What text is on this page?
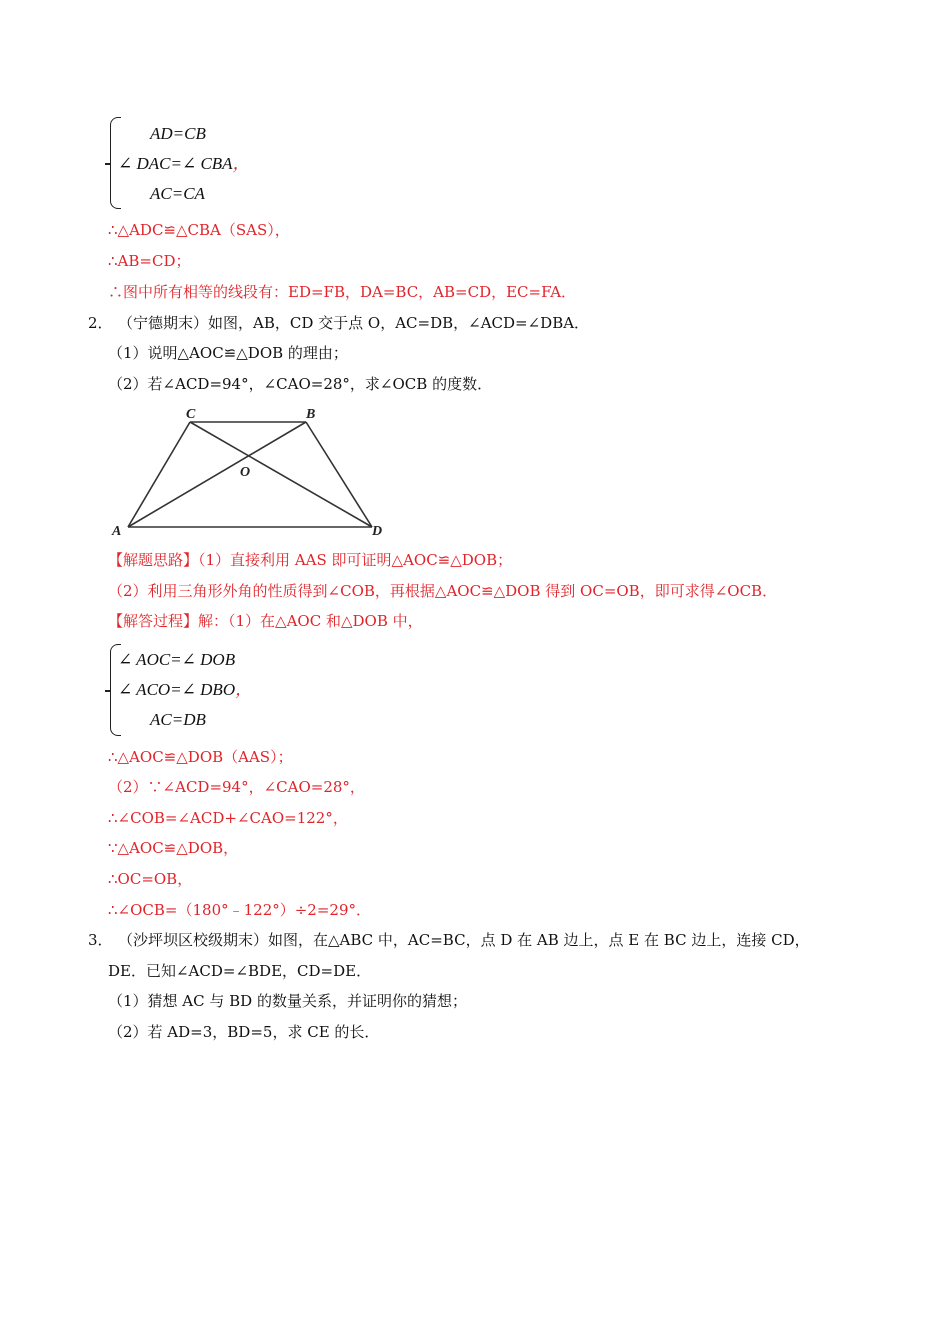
AD=CB
∠ DAC=∠ CBA，
AC=CA
∴△ADC≌△CBA（SAS），
∴AB=CD；
∴图中所有相等的线段有：ED=FB，DA=BC，AB=CD，EC=FA．
2． （宁德期末）如图，AB，CD 交于点 O，AC=DB，∠ACD=∠DBA．
（1）说明△AOC≌△DOB 的理由；
（2）若∠ACD=94°，∠CAO=28°，求∠OCB 的度数．
C	B
O
A	D
【解题思路】（1）直接利用 AAS 即可证明△AOC≌△DOB；
（2）利用三角形外角的性质得到∠COB，再根据△AOC≌△DOB 得到 OC=OB，即可求得∠OCB．
【解答过程】解：（1）在△AOC 和△DOB 中，
∠ AOC=∠ DOB
∠ ACO=∠ DBO，
AC=DB
∴△AOC≌△DOB（AAS）；
（2）∵∠ACD=94°，∠CAO=28°，
∴∠COB=∠ACD+∠CAO=122°，
∵△AOC≌△DOB，
∴OC=OB，
∴∠OCB=（180°﹣122°）÷2=29°．
3． （沙坪坝区校级期末）如图，在△ABC 中，AC=BC，点 D 在 AB 边上，点 E 在 BC 边上，连接 CD，
DE．已知∠ACD=∠BDE，CD=DE．
（1）猜想 AC 与 BD 的数量关系，并证明你的猜想；
（2）若 AD=3，BD=5，求 CE 的长．
